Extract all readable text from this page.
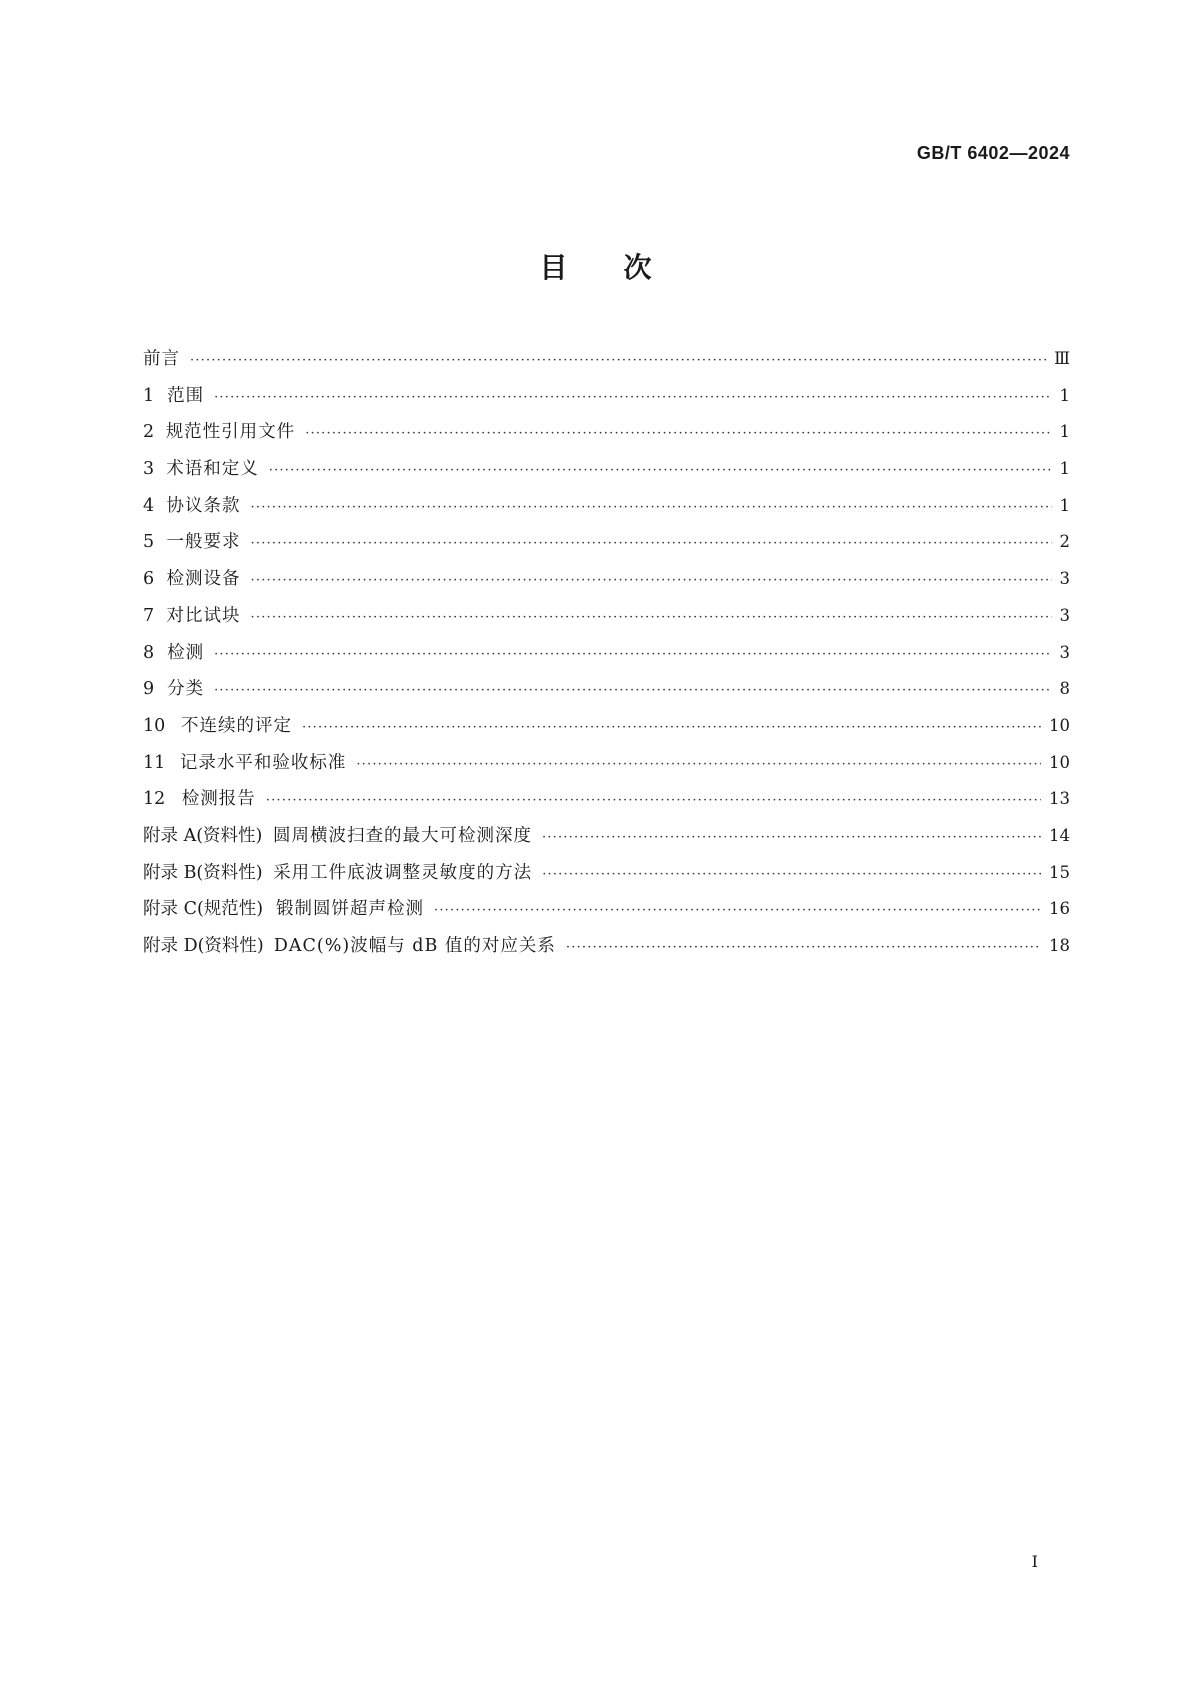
GB/T 6402—2024
目 次
前言 ·····	Ⅲ
1 范围 ·····	1
2 规范性引用文件 ·····	1
3 术语和定义 ·····	1
4 协议条款 ·····	1
5 一般要求 ·····	2
6 检测设备 ·····	3
7 对比试块 ·····	3
8 检测 ·····	3
9 分类 ·····	8
10 不连续的评定 ·····	10
11 记录水平和验收标准 ·····	10
12 检测报告 ·····	13
附录 A(资料性) 圆周横波扫查的最大可检测深度 ·····	14
附录 B(资料性) 采用工件底波调整灵敏度的方法 ·····	15
附录 C(规范性) 锻制圆饼超声检测 ·····	16
附录 D(资料性) DAC(%)波幅与 dB 值的对应关系 ·····	18
I
